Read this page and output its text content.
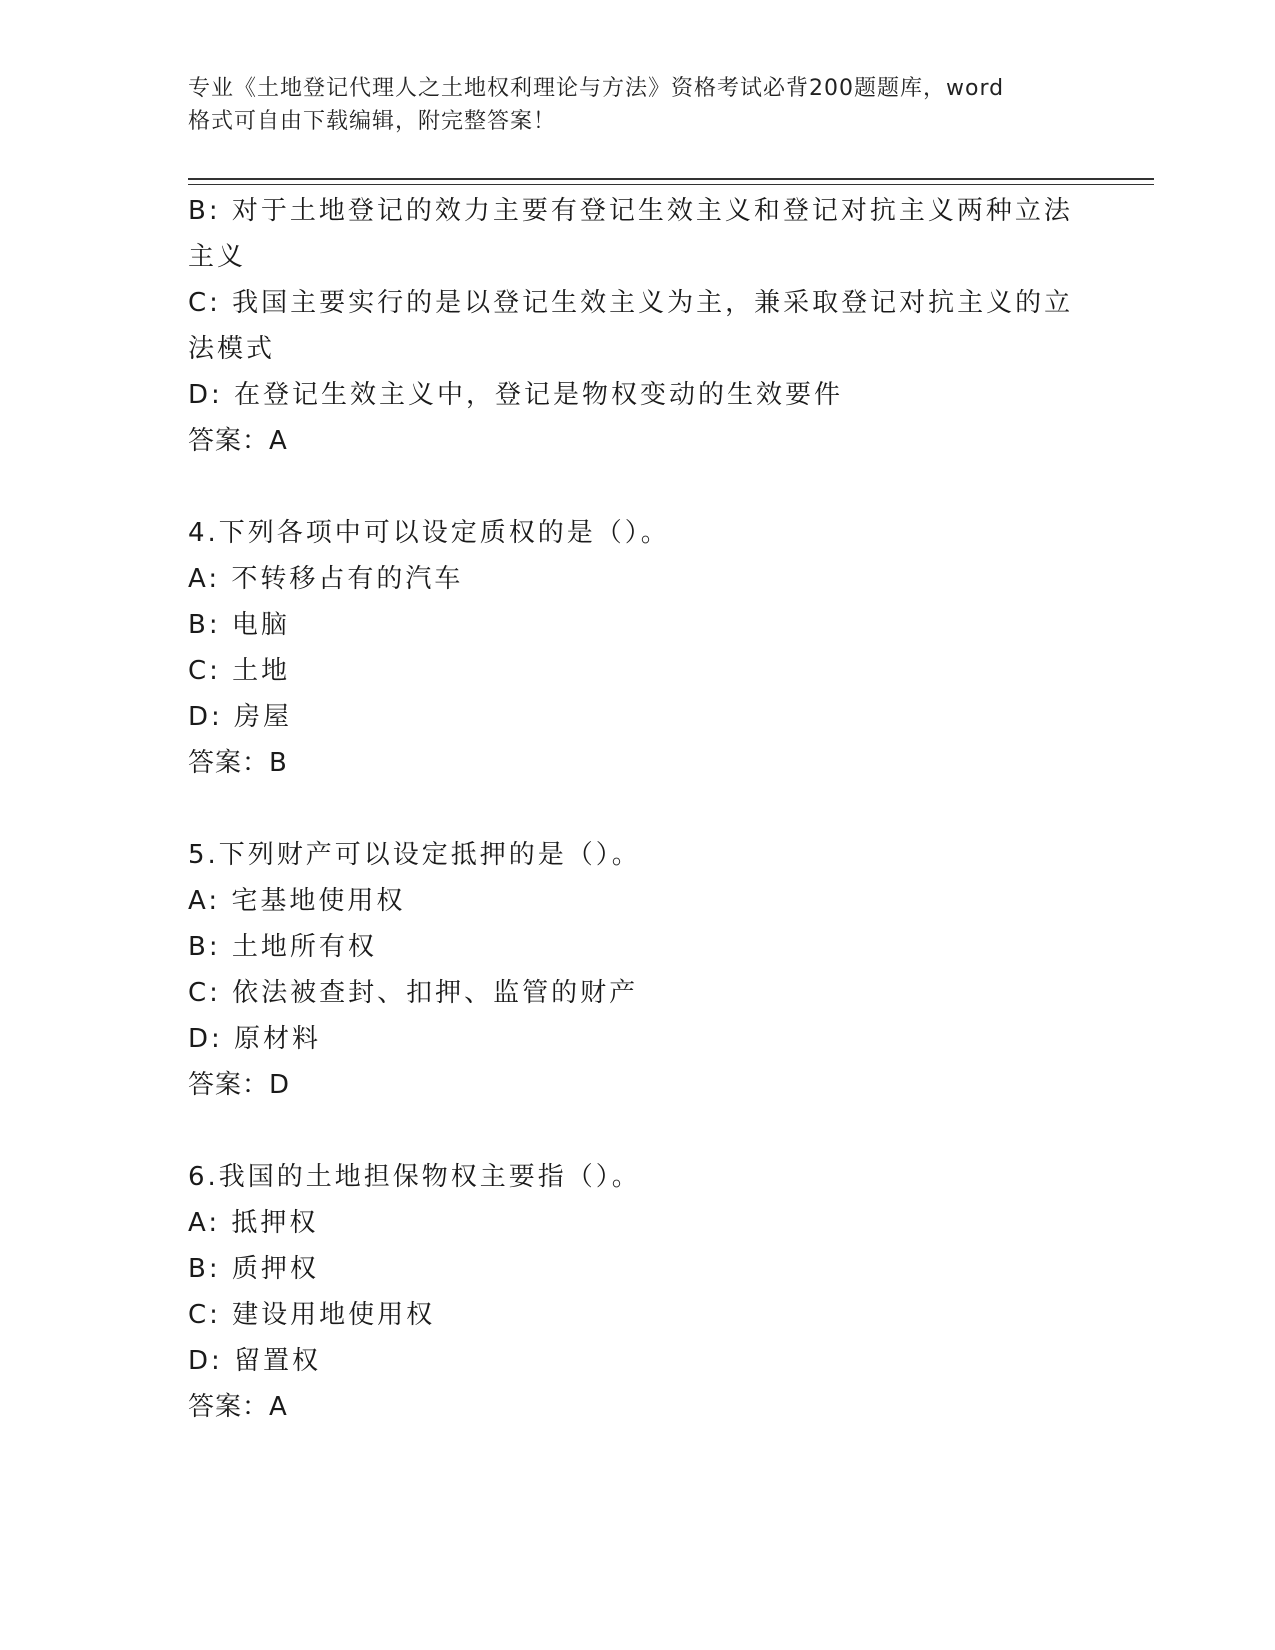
专业《土地登记代理人之土地权利理论与方法》资格考试必背200题题库，word
格式可自由下载编辑，附完整答案！
B: 对于土地登记的效力主要有登记生效主义和登记对抗主义两种立法
主义
C: 我国主要实行的是以登记生效主义为主，兼采取登记对抗主义的立
法模式
D: 在登记生效主义中，登记是物权变动的生效要件
答案：A
4.下列各项中可以设定质权的是（）。
A: 不转移占有的汽车
B: 电脑
C: 土地
D: 房屋
答案：B
5.下列财产可以设定抵押的是（）。
A: 宅基地使用权
B: 土地所有权
C: 依法被查封、扣押、监管的财产
D: 原材料
答案：D
6.我国的土地担保物权主要指（）。
A: 抵押权
B: 质押权
C: 建设用地使用权
D: 留置权
答案：A
